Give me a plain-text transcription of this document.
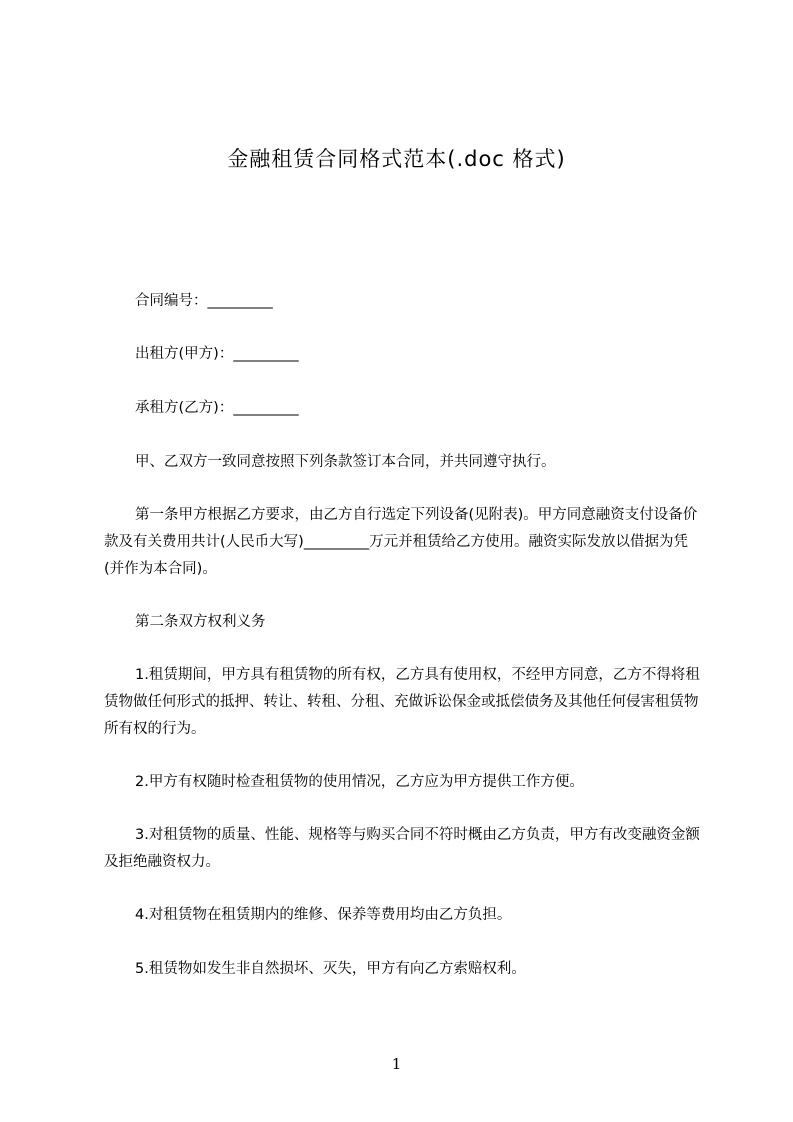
金融租赁合同格式范本(.doc 格式)

合同编号：_________

出租方(甲方)：_________

承租方(乙方)：_________

甲、乙双方一致同意按照下列条款签订本合同，并共同遵守执行。

第一条甲方根据乙方要求，由乙方自行选定下列设备(见附表)。甲方同意融资支付设备价款及有关费用共计(人民币大写)_________万元并租赁给乙方使用。融资实际发放以借据为凭(并作为本合同)。

第二条双方权利义务

1.租赁期间，甲方具有租赁物的所有权，乙方具有使用权，不经甲方同意，乙方不得将租赁物做任何形式的抵押、转让、转租、分租、充做诉讼保金或抵偿债务及其他任何侵害租赁物所有权的行为。

2.甲方有权随时检查租赁物的使用情况，乙方应为甲方提供工作方便。

3.对租赁物的质量、性能、规格等与购买合同不符时概由乙方负责，甲方有改变融资金额及拒绝融资权力。

4.对租赁物在租赁期内的维修、保养等费用均由乙方负担。

5.租赁物如发生非自然损坏、灭失，甲方有向乙方索赔权利。

1
